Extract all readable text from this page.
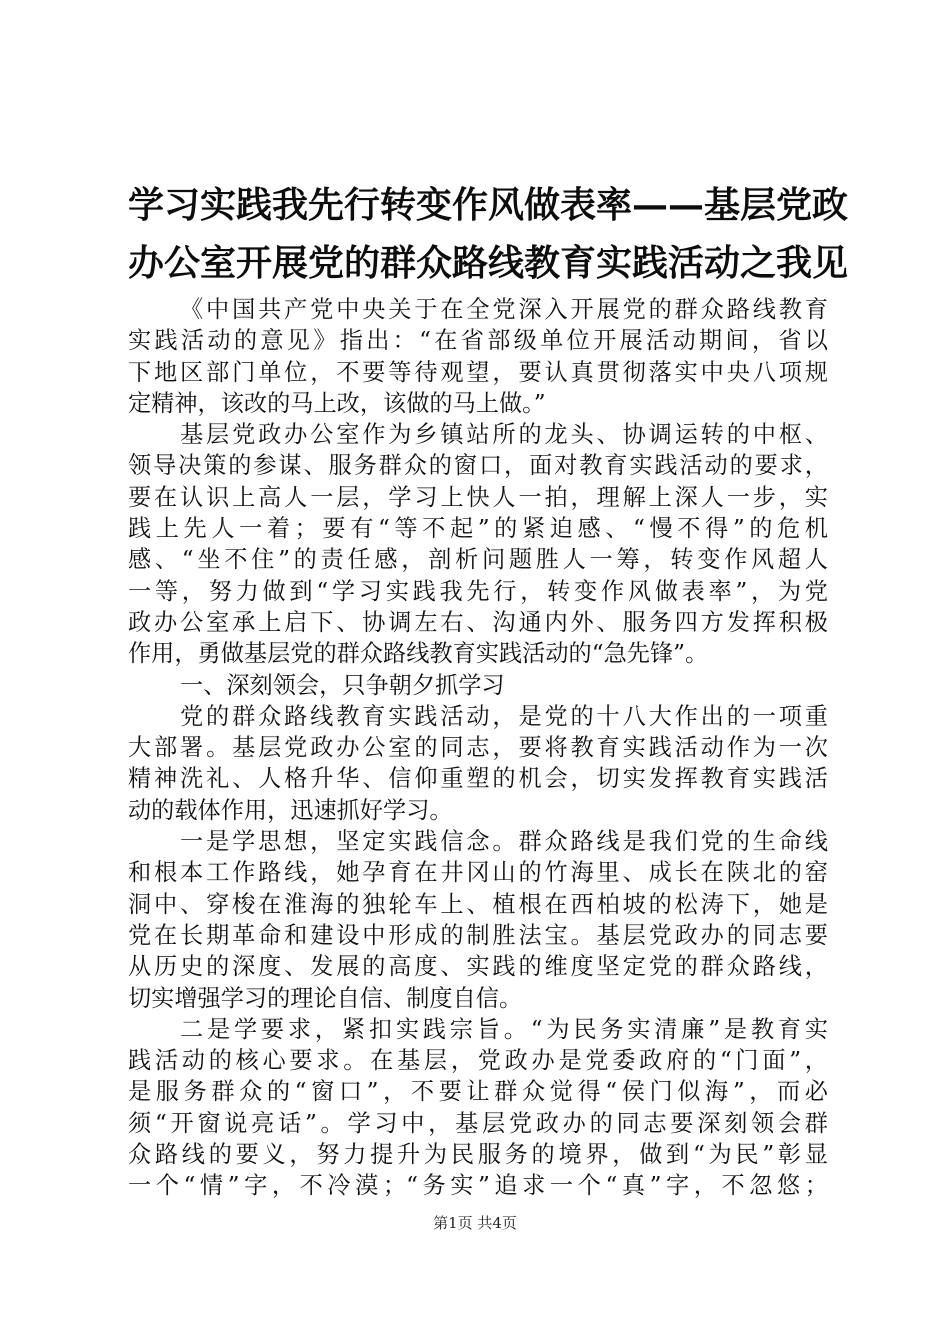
学习实践我先行转变作风做表率——基层党政
办公室开展党的群众路线教育实践活动之我见
《中国共产党中央关于在全党深入开展党的群众路线教育
实践活动的意见》指出：“在省部级单位开展活动期间，省以
下地区部门单位，不要等待观望，要认真贯彻落实中央八项规
定精神，该改的马上改，该做的马上做。”
基层党政办公室作为乡镇站所的龙头、协调运转的中枢、
领导决策的参谋、服务群众的窗口，面对教育实践活动的要求，
要在认识上高人一层，学习上快人一拍，理解上深人一步，实
践上先人一着；要有“等不起”的紧迫感、“慢不得”的危机
感、“坐不住”的责任感，剖析问题胜人一筹，转变作风超人
一等，努力做到“学习实践我先行，转变作风做表率”，为党
政办公室承上启下、协调左右、沟通内外、服务四方发挥积极
作用，勇做基层党的群众路线教育实践活动的“急先锋”。
一、深刻领会，只争朝夕抓学习
党的群众路线教育实践活动，是党的十八大作出的一项重
大部署。基层党政办公室的同志，要将教育实践活动作为一次
精神洗礼、人格升华、信仰重塑的机会，切实发挥教育实践活
动的载体作用，迅速抓好学习。
一是学思想，坚定实践信念。群众路线是我们党的生命线
和根本工作路线，她孕育在井冈山的竹海里、成长在陕北的窑
洞中、穿梭在淮海的独轮车上、植根在西柏坡的松涛下，她是
党在长期革命和建设中形成的制胜法宝。基层党政办的同志要
从历史的深度、发展的高度、实践的维度坚定党的群众路线，
切实增强学习的理论自信、制度自信。
二是学要求，紧扣实践宗旨。“为民务实清廉”是教育实
践活动的核心要求。在基层，党政办是党委政府的“门面”，
是服务群众的“窗口”，不要让群众觉得“侯门似海”，而必
须“开窗说亮话”。学习中，基层党政办的同志要深刻领会群
众路线的要义，努力提升为民服务的境界，做到“为民”彰显
一个“情”字，不冷漠；“务实”追求一个“真”字，不忽悠；
第1页 共4页
